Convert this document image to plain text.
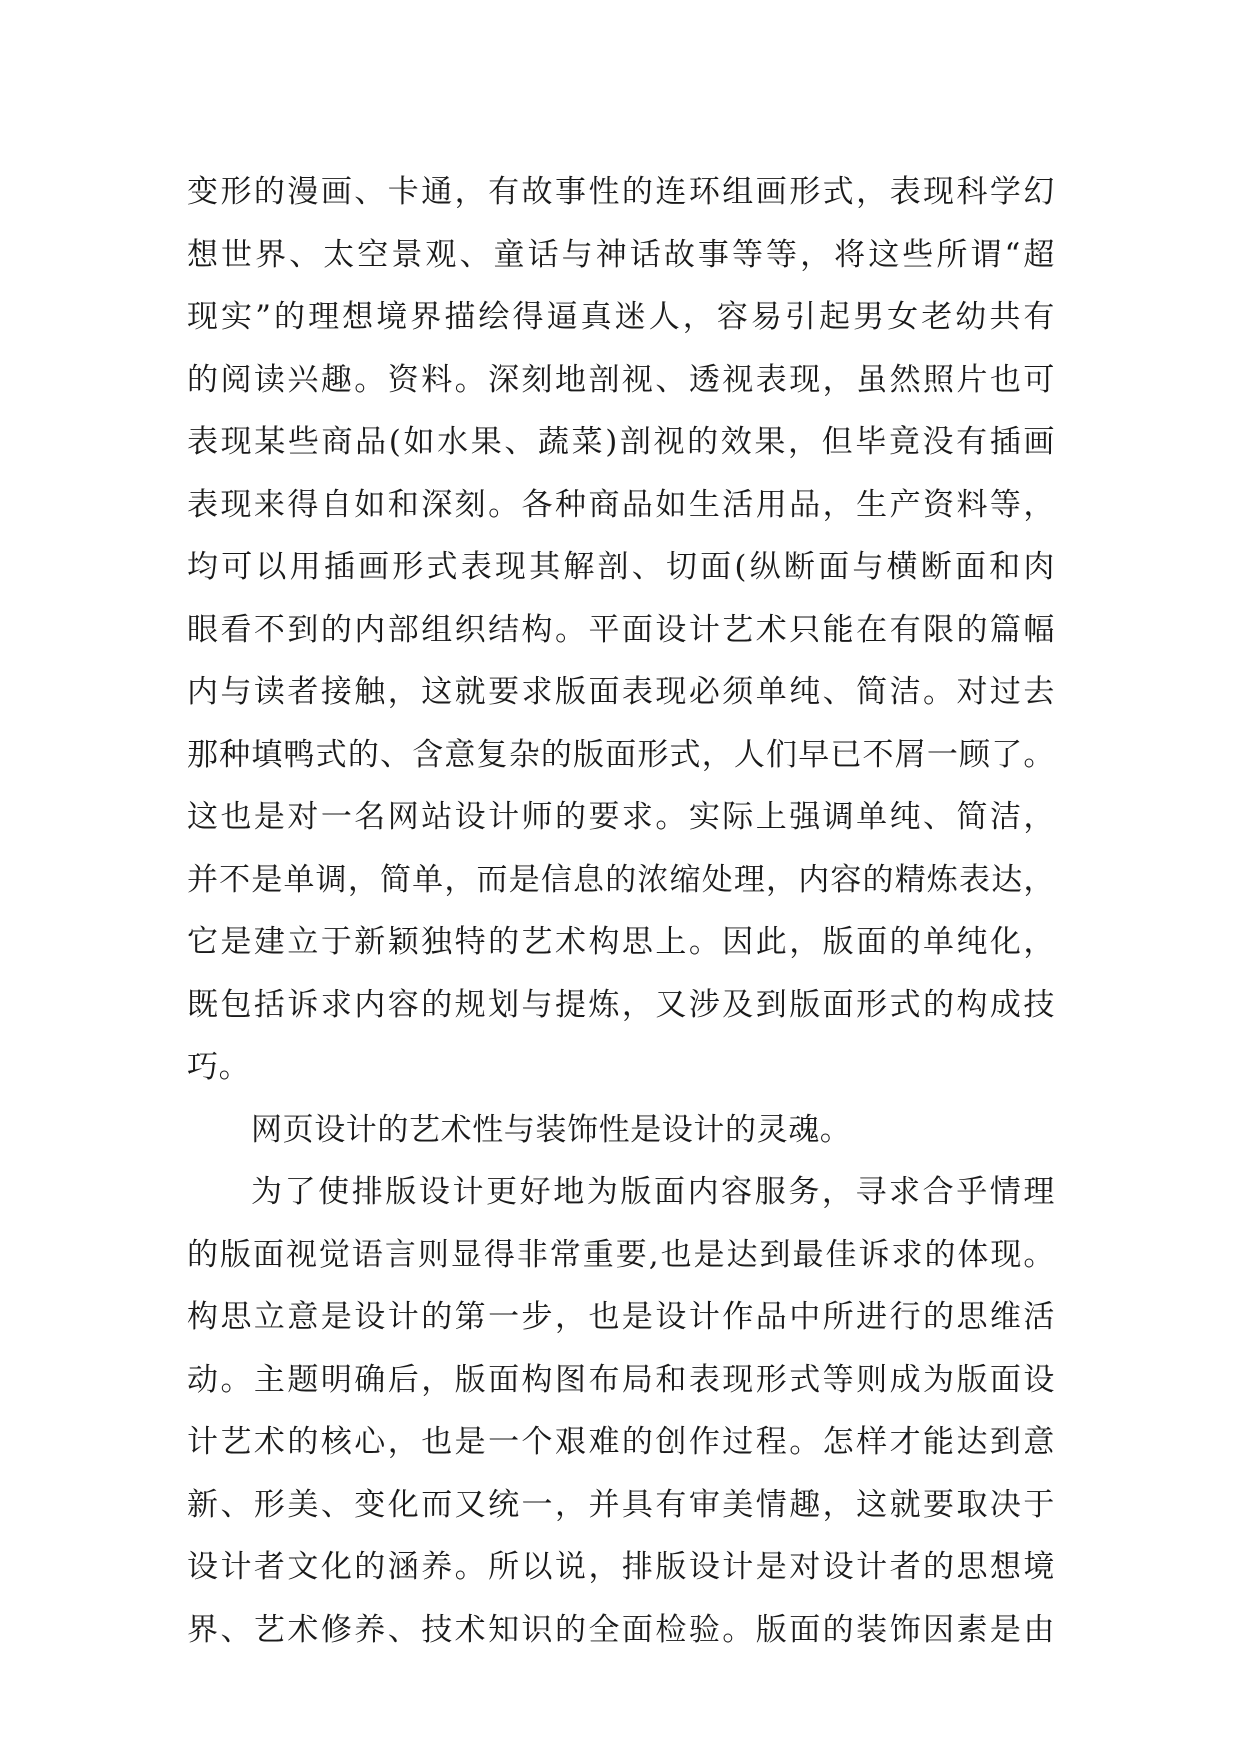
变形的漫画、卡通，有故事性的连环组画形式，表现科学幻
想世界、太空景观、童话与神话故事等等，将这些所谓“超
现实”的理想境界描绘得逼真迷人，容易引起男女老幼共有
的阅读兴趣。资料。深刻地剖视、透视表现，虽然照片也可
表现某些商品(如水果、蔬菜)剖视的效果，但毕竟没有插画
表现来得自如和深刻。各种商品如生活用品，生产资料等，
均可以用插画形式表现其解剖、切面(纵断面与横断面和肉
眼看不到的内部组织结构。平面设计艺术只能在有限的篇幅
内与读者接触，这就要求版面表现必须单纯、简洁。对过去
那种填鸭式的、含意复杂的版面形式，人们早已不屑一顾了。
这也是对一名网站设计师的要求。实际上强调单纯、简洁，
并不是单调，简单，而是信息的浓缩处理，内容的精炼表达，
它是建立于新颖独特的艺术构思上。因此，版面的单纯化，
既包括诉求内容的规划与提炼，又涉及到版面形式的构成技
巧。
网页设计的艺术性与装饰性是设计的灵魂。
为了使排版设计更好地为版面内容服务，寻求合乎情理
的版面视觉语言则显得非常重要,也是达到最佳诉求的体现。
构思立意是设计的第一步，也是设计作品中所进行的思维活
动。主题明确后，版面构图布局和表现形式等则成为版面设
计艺术的核心，也是一个艰难的创作过程。怎样才能达到意
新、形美、变化而又统一，并具有审美情趣，这就要取决于
设计者文化的涵养。所以说，排版设计是对设计者的思想境
界、艺术修养、技术知识的全面检验。版面的装饰因素是由
